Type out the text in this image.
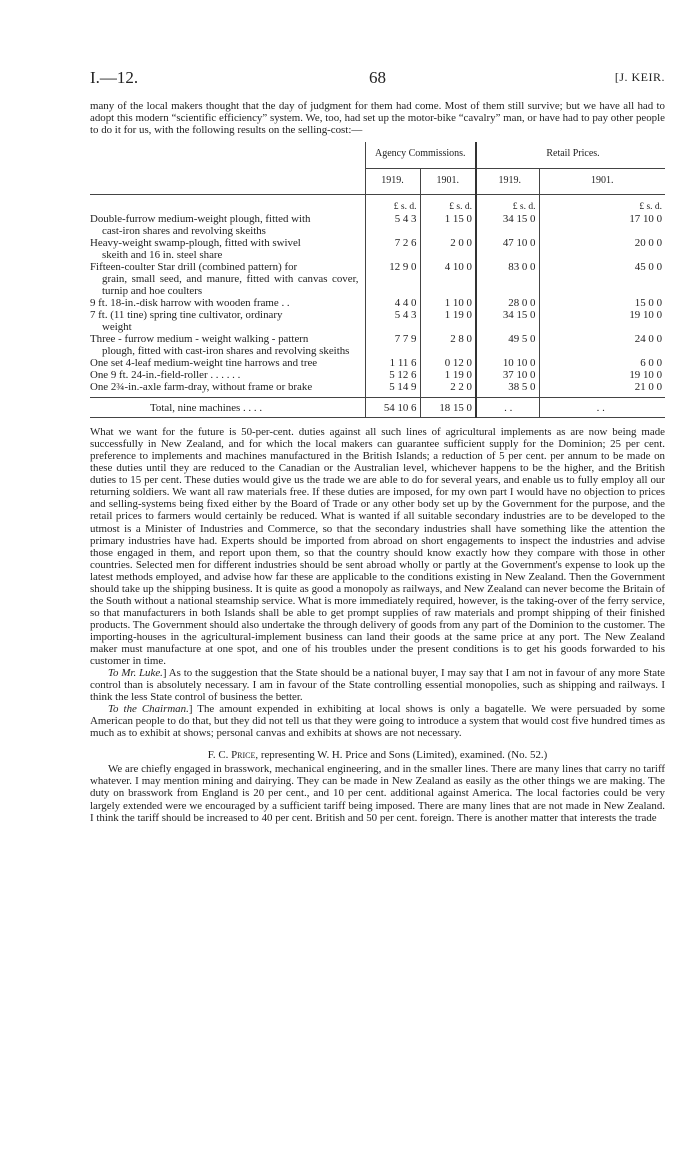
I.—12.	68	[J. KEIR.

many of the local makers thought that the day of judgment for them had come. Most of them still survive; but we have all had to adopt this modern “scientific efficiency” system. We, too, had set up the motor-bike “cavalry” man, or have had to pay other people to do it for us, with the following results on the selling-cost:—

	Agency Commissions.			Retail Prices.	
	1919.	1901.		1919.	1901.
	£ s. d.	£ s. d.		£ s. d.	£ s. d.
Double-furrow medium-weight plough, fitted with
cast-iron shares and revolving skeiths	5 4 3	1 15 0		34 15 0	17 10 0
Heavy-weight swamp-plough, fitted with swivel
skeith and 16 in. steel share	7 2 6	2 0 0		47 10 0	20 0 0
Fifteen-coulter Star drill (combined pattern) for
grain, small seed, and manure, fitted with canvas cover, turnip and hoe coulters	12 9 0	4 10 0		83 0 0	45 0 0
9 ft. 18-in.-disk harrow with wooden frame . .	4 4 0	1 10 0		28 0 0	15 0 0
7 ft. (11 tine) spring tine cultivator, ordinary
weight	5 4 3	1 19 0		34 15 0	19 10 0
Three - furrow medium - weight walking - pattern
plough, fitted with cast-iron shares and revolving skeiths	7 7 9	2 8 0		49 5 0	24 0 0
One set 4-leaf medium-weight tine harrows and tree	1 11 6	0 12 0		10 10 0	6 0 0
One 9 ft. 24-in.-field-roller . . . . . .	5 12 6	1 19 0		37 10 0	19 10 0
One 2¾-in.-axle farm-dray, without frame or brake	5 14 9	2 2 0		38 5 0	21 0 0
Total, nine machines . . . .	54 10 6	18 15 0		. .	. .

What we want for the future is 50-per-cent. duties against all such lines of agricultural implements as are now being made successfully in New Zealand, and for which the local makers can guarantee sufficient supply for the Dominion; 25 per cent. preference to implements and machines manufactured in the British Islands; a reduction of 5 per cent. per annum to be made on these duties until they are reduced to the Canadian or the Australian level, whichever happens to be the higher, and the British duties to 15 per cent. These duties would give us the trade we are able to do for several years, and enable us to fully employ all our returning soldiers. We want all raw materials free. If these duties are imposed, for my own part I would have no objection to prices and selling-systems being fixed either by the Board of Trade or any other body set up by the Government for the purpose, and the retail prices to farmers would certainly be reduced. What is wanted if all suitable secondary industries are to be developed to the utmost is a Minister of Industries and Commerce, so that the secondary industries shall have something like the attention the primary industries have had. Experts should be imported from abroad on short engagements to inspect the industries and advise those engaged in them, and report upon them, so that the country should know exactly how they compare with those in other countries. Selected men for different industries should be sent abroad wholly or partly at the Government's expense to look up the latest methods employed, and advise how far these are applicable to the conditions existing in New Zealand. Then the Government should take up the shipping business. It is quite as good a monopoly as railways, and New Zealand can never become the Britain of the South without a national steamship service. What is more immediately required, however, is the taking-over of the ferry service, so that manufacturers in both Islands shall be able to get prompt supplies of raw materials and prompt shipping of their finished products. The Government should also undertake the through delivery of goods from any part of the Dominion to the customer. The importing-houses in the agricultural-implement business can land their goods at the same price at any port. The New Zealand maker must manufacture at one spot, and one of his troubles under the present conditions is to get his goods forwarded to his customer in time.

To Mr. Luke.] As to the suggestion that the State should be a national buyer, I may say that I am not in favour of any more State control than is absolutely necessary. I am in favour of the State controlling essential monopolies, such as shipping and railways. I think the less State control of business the better.

To the Chairman.] The amount expended in exhibiting at local shows is only a bagatelle. We were persuaded by some American people to do that, but they did not tell us that they were going to introduce a system that would cost five hundred times as much as to exhibit at shows; personal canvas and exhibits at shows are not necessary.

F. C. Price, representing W. H. Price and Sons (Limited), examined. (No. 52.)

We are chiefly engaged in brasswork, mechanical engineering, and in the smaller lines. There are many lines that carry no tariff whatever. I may mention mining and dairying. They can be made in New Zealand as easily as the other things we are making. The duty on brasswork from England is 20 per cent., and 10 per cent. additional against America. The local factories could be very largely extended were we encouraged by a sufficient tariff being imposed. There are many lines that are not made in New Zealand. I think the tariff should be increased to 40 per cent. British and 50 per cent. foreign. There is another matter that interests the trade
